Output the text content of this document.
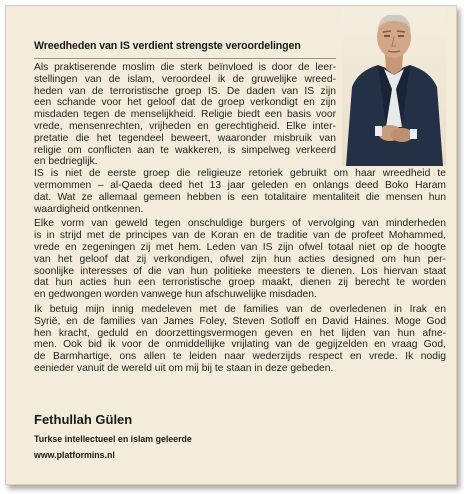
Wreedheden van IS verdient strengste veroordelingen
Als praktiserende moslim die sterk beïnvloed is door de leer-
stellingen van de islam, veroordeel ik de gruwelijke wreed-
heden van de terroristische groep IS. De daden van IS zijn
een schande voor het geloof dat de groep verkondigt en zijn
misdaden tegen de menselijkheid. Religie biedt een basis voor
vrede, mensenrechten, vrijheden en gerechtigheid. Elke inter-
pretatie die het tegendeel beweert, waaronder misbruik van
religie om conflicten aan te wakkeren, is simpelweg verkeerd
en bedrieglijk.
IS is niet de eerste groep die religieuze retoriek gebruikt om haar wreedheid te
vermommen – al-Qaeda deed het 13 jaar geleden en onlangs deed Boko Haram
dat. Wat ze allemaal gemeen hebben is een totalitaire mentaliteit die mensen hun
waardigheid ontkennen.
Elke vorm van geweld tegen onschuldige burgers of vervolging van minderheden
is in strijd met de principes van de Koran en de traditie van de profeet Mohammed,
vrede en zegeningen zij met hem. Leden van IS zijn ofwel totaal niet op de hoogte
van het geloof dat zij verkondigen, ofwel zijn hun acties designed om hun per-
soonlijke interesses of die van hun politieke meesters te dienen. Los hiervan staat
dat hun acties hun een terroristische groep maakt, dienen zij berecht te worden
en gedwongen worden vanwege hun afschuwelijke misdaden.
Ik betuig mijn innig medeleven met de families van de overledenen in Irak en
Syrië, en de families van James Foley, Steven Sotloff en David Haines. Moge God
hen kracht, geduld en doorzettingsvermogen geven en het lijden van hun afne-
men. Ook bid ik voor de onmiddellijke vrijlating van de gegijzelden en vraag God,
de Barmhartige, ons allen te leiden naar wederzijds respect en vrede. Ik nodig
eenieder vanuit de wereld uit om mij bij te staan in deze gebeden.
Fethullah Gülen
Turkse intellectueel en islam geleerde
www.platformins.nl
